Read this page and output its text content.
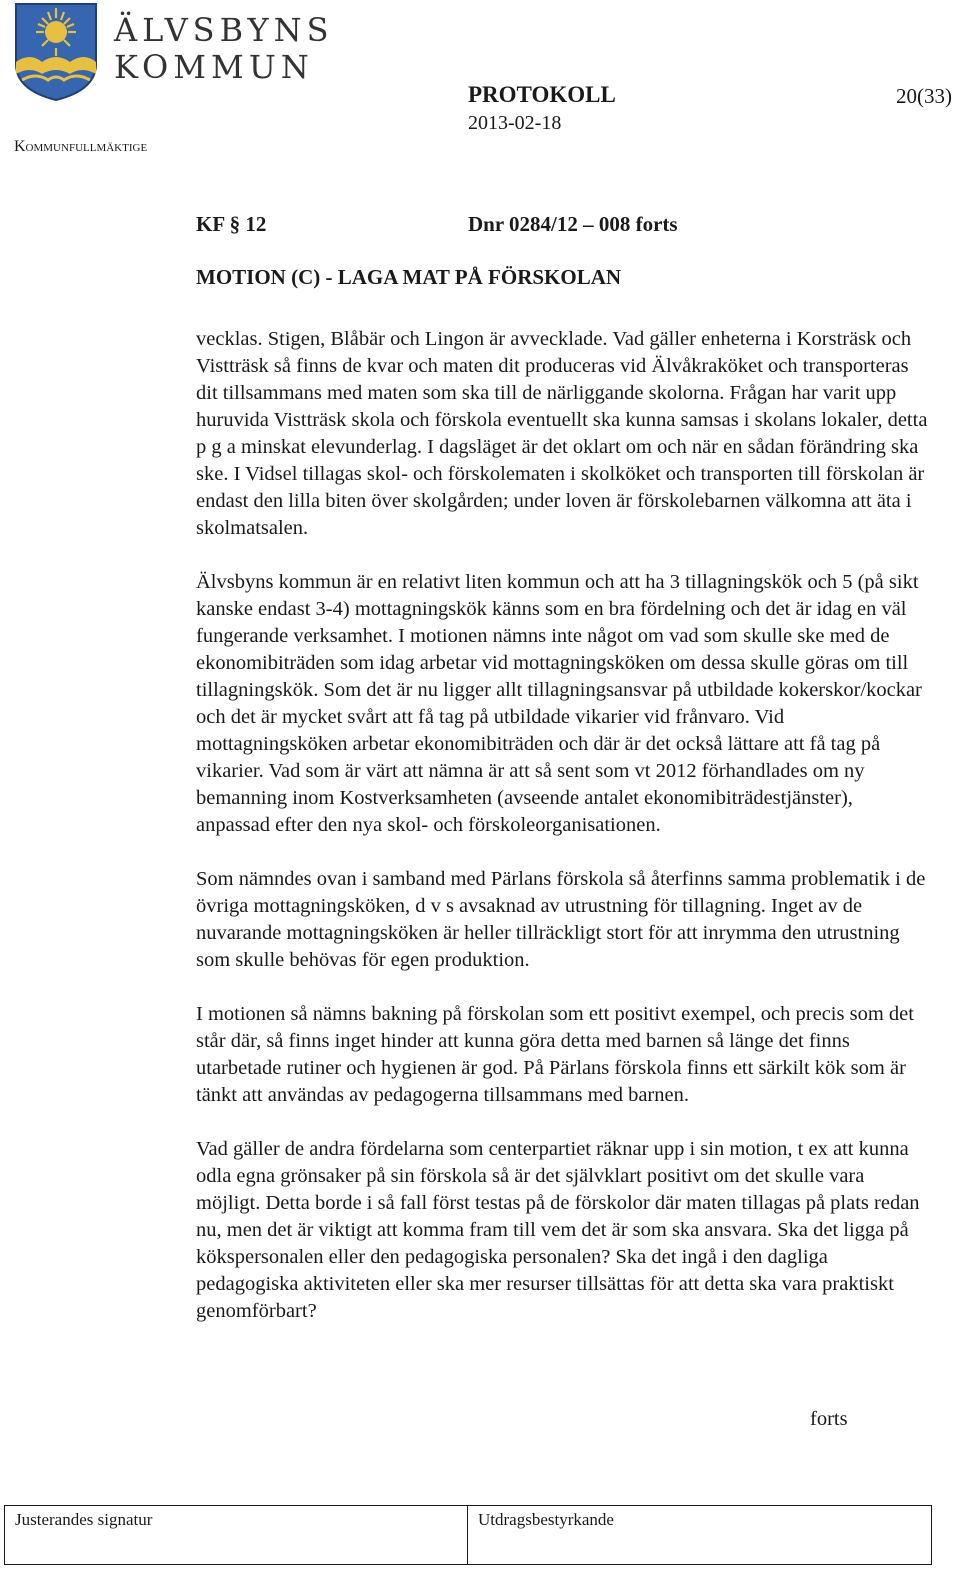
ÄLVSBYNS
KOMMUN
Kommunfullmäktige
PROTOKOLL	20(33)
2013-02-18
KF § 12	Dnr 0284/12 – 008 forts
MOTION (C) - LAGA MAT PÅ FÖRSKOLAN

vecklas. Stigen, Blåbär och Lingon är avvecklade. Vad gäller enheterna i Korsträsk och Vistträsk så finns de kvar och maten dit produceras vid Älvåkraköket och transporteras dit tillsammans med maten som ska till de närliggande skolorna. Frågan har varit upp huruvida Vistträsk skola och förskola eventuellt ska kunna samsas i skolans lokaler, detta p g a minskat elevunderlag. I dagsläget är det oklart om och när en sådan förändring ska ske. I Vidsel tillagas skol- och förskolematen i skolköket och transporten till förskolan är endast den lilla biten över skolgården; under loven är förskolebarnen välkomna att äta i skolmatsalen.

Älvsbyns kommun är en relativt liten kommun och att ha 3 tillagningskök och 5 (på sikt kanske endast 3-4) mottagningskök känns som en bra fördelning och det är idag en väl fungerande verksamhet. I motionen nämns inte något om vad som skulle ske med de ekonomibiträden som idag arbetar vid mottagningsköken om dessa skulle göras om till tillagningskök. Som det är nu ligger allt tillagningsansvar på utbildade kokerskor/kockar och det är mycket svårt att få tag på utbildade vikarier vid frånvaro. Vid mottagningsköken arbetar ekonomibiträden och där är det också lättare att få tag på vikarier. Vad som är värt att nämna är att så sent som vt 2012 förhandlades om ny bemanning inom Kostverksamheten (avseende antalet ekonomibiträdestjänster), anpassad efter den nya skol- och förskoleorganisationen.

Som nämndes ovan i samband med Pärlans förskola så återfinns samma problematik i de övriga mottagningsköken, d v s avsaknad av utrustning för tillagning. Inget av de nuvarande mottagningsköken är heller tillräckligt stort för att inrymma den utrustning som skulle behövas för egen produktion.

I motionen så nämns bakning på förskolan som ett positivt exempel, och precis som det står där, så finns inget hinder att kunna göra detta med barnen så länge det finns utarbetade rutiner och hygienen är god. På Pärlans förskola finns ett särkilt kök som är tänkt att användas av pedagogerna tillsammans med barnen.

Vad gäller de andra fördelarna som centerpartiet räknar upp i sin motion, t ex att kunna odla egna grönsaker på sin förskola så är det självklart positivt om det skulle vara möjligt. Detta borde i så fall först testas på de förskolor där maten tillagas på plats redan nu, men det är viktigt att komma fram till vem det är som ska ansvara. Ska det ligga på kökspersonalen eller den pedagogiska personalen? Ska det ingå i den dagliga pedagogiska aktiviteten eller ska mer resurser tillsättas för att detta ska vara praktiskt genomförbart?

forts
Justerandes signatur	Utdragsbestyrkande
